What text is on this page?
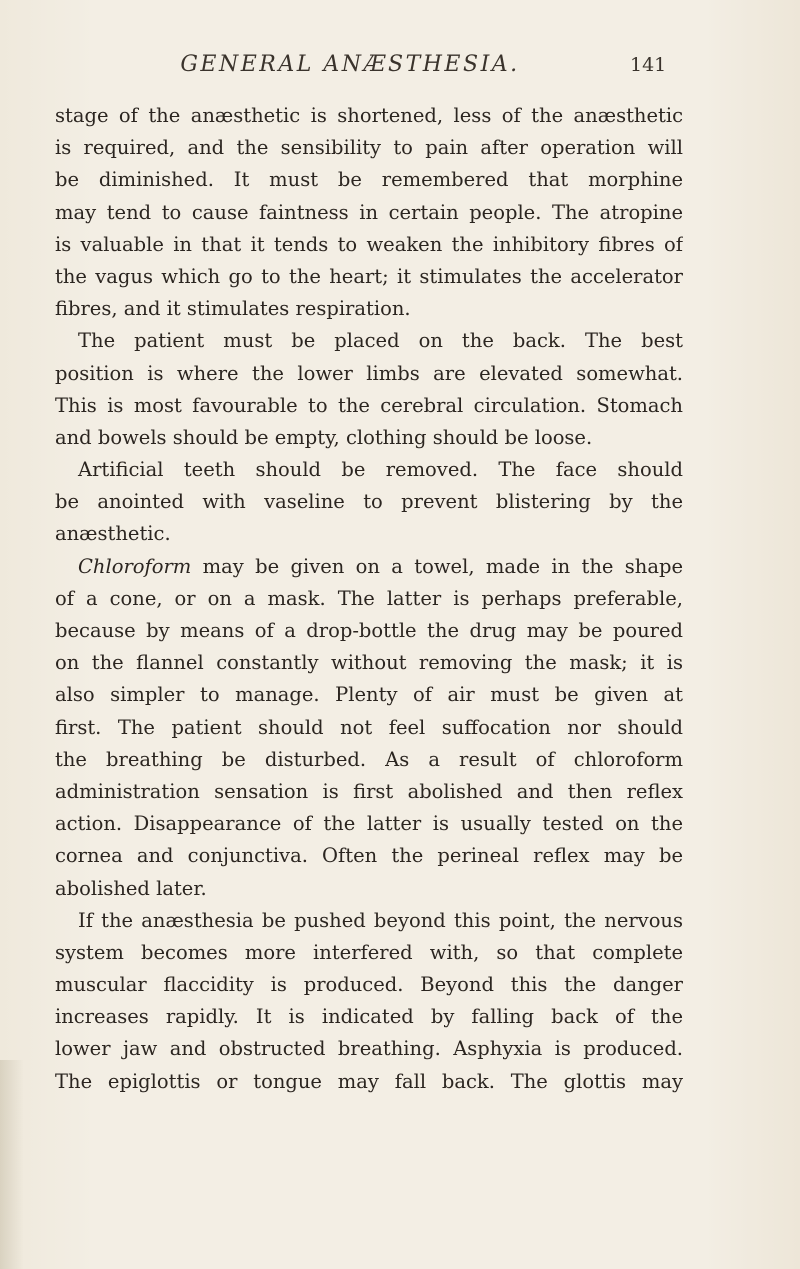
GENERAL ANÆSTHESIA.	141
stage of the anæsthetic is shortened, less of the anæsthetic
is required, and the sensibility to pain after operation will
be diminished. It must be remembered that morphine
may tend to cause faintness in certain people. The atropine
is valuable in that it tends to weaken the inhibitory fibres of
the vagus which go to the heart; it stimulates the accelerator
fibres, and it stimulates respiration.
The patient must be placed on the back. The best
position is where the lower limbs are elevated somewhat.
This is most favourable to the cerebral circulation. Stomach
and bowels should be empty, clothing should be loose.
Artificial teeth should be removed. The face should
be anointed with vaseline to prevent blistering by the
anæsthetic.
Chloroform may be given on a towel, made in the shape
of a cone, or on a mask. The latter is perhaps preferable,
because by means of a drop-bottle the drug may be poured
on the flannel constantly without removing the mask; it is
also simpler to manage. Plenty of air must be given at
first. The patient should not feel suffocation nor should
the breathing be disturbed. As a result of chloroform
administration sensation is first abolished and then reflex
action. Disappearance of the latter is usually tested on the
cornea and conjunctiva. Often the perineal reflex may be
abolished later.
If the anæsthesia be pushed beyond this point, the nervous
system becomes more interfered with, so that complete
muscular flaccidity is produced. Beyond this the danger
increases rapidly. It is indicated by falling back of the
lower jaw and obstructed breathing. Asphyxia is produced.
The epiglottis or tongue may fall back. The glottis may
